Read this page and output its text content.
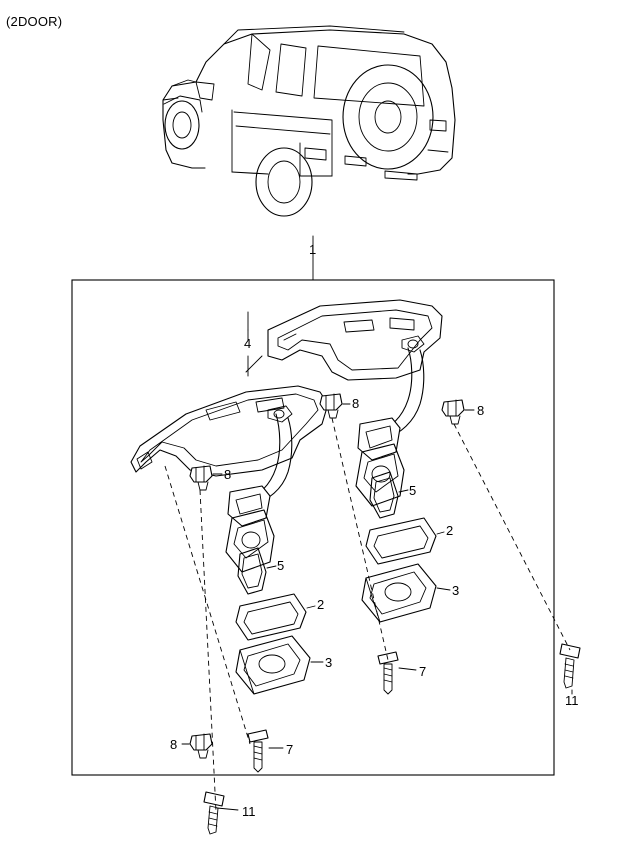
(2DOOR)
1
4
8	8
8
5
2
5
3
2
3
7
11
8	7
11
